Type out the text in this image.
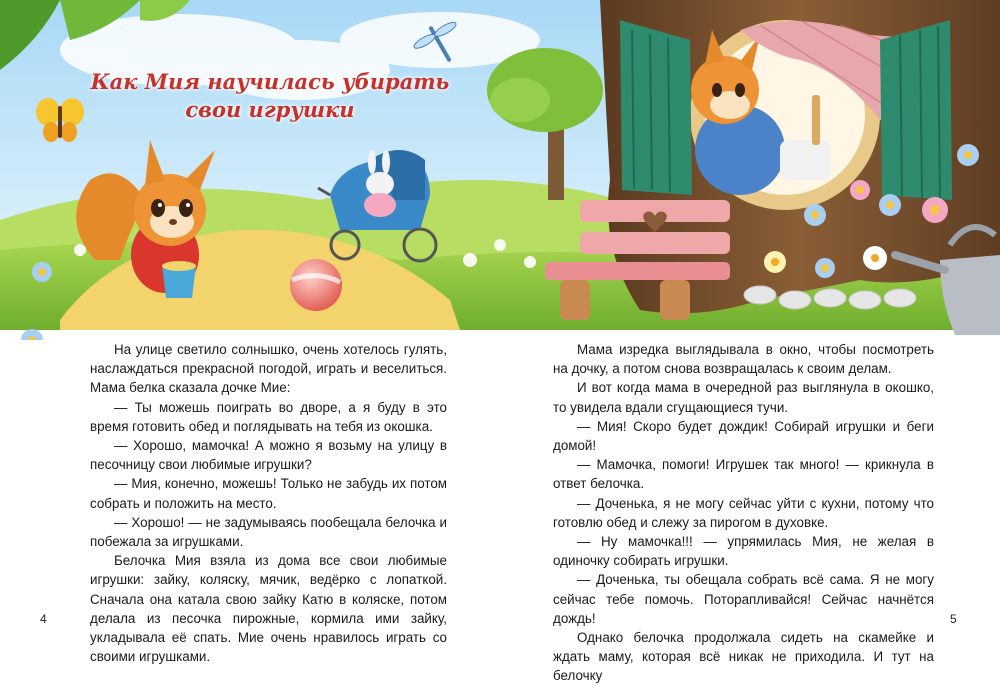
Как Мия научилась убирать
свои игрушки

На улице светило солнышко, очень хотелось гулять, наслаждаться прекрасной погодой, играть и веселиться. Мама белка сказала дочке Мие:

— Ты можешь поиграть во дворе, а я буду в это время готовить обед и поглядывать на тебя из окошка.

— Хорошо, мамочка! А можно я возьму на улицу в песочницу свои любимые игрушки?

— Мия, конечно, можешь! Только не забудь их потом собрать и положить на место.

— Хорошо! — не задумываясь пообещала белочка и побежала за игрушками.

Белочка Мия взяла из дома все свои любимые игрушки: зайку, коляску, мячик, ведёрко с лопаткой. Сначала она катала свою зайку Катю в коляске, потом делала из песочка пирожные, кормила ими зайку, укладывала её спать. Мие очень нравилось играть со своими игрушками.

Мама изредка выглядывала в окно, чтобы посмотреть на дочку, а потом снова возвращалась к своим делам.

И вот когда мама в очередной раз выглянула в окошко, то увидела вдали сгущающиеся тучи.

— Мия! Скоро будет дождик! Собирай игрушки и беги домой!

— Мамочка, помоги! Игрушек так много! — крикнула в ответ белочка.

— Доченька, я не могу сейчас уйти с кухни, потому что готовлю обед и слежу за пирогом в духовке.

— Ну мамочка!!! — упрямилась Мия, не желая в одиночку собирать игрушки.

— Доченька, ты обещала собрать всё сама. Я не могу сейчас тебе помочь. Поторапливайся! Сейчас начнётся дождь!

Однако белочка продолжала сидеть на скамейке и ждать маму, которая всё никак не приходила. И тут на белочку

4	5
